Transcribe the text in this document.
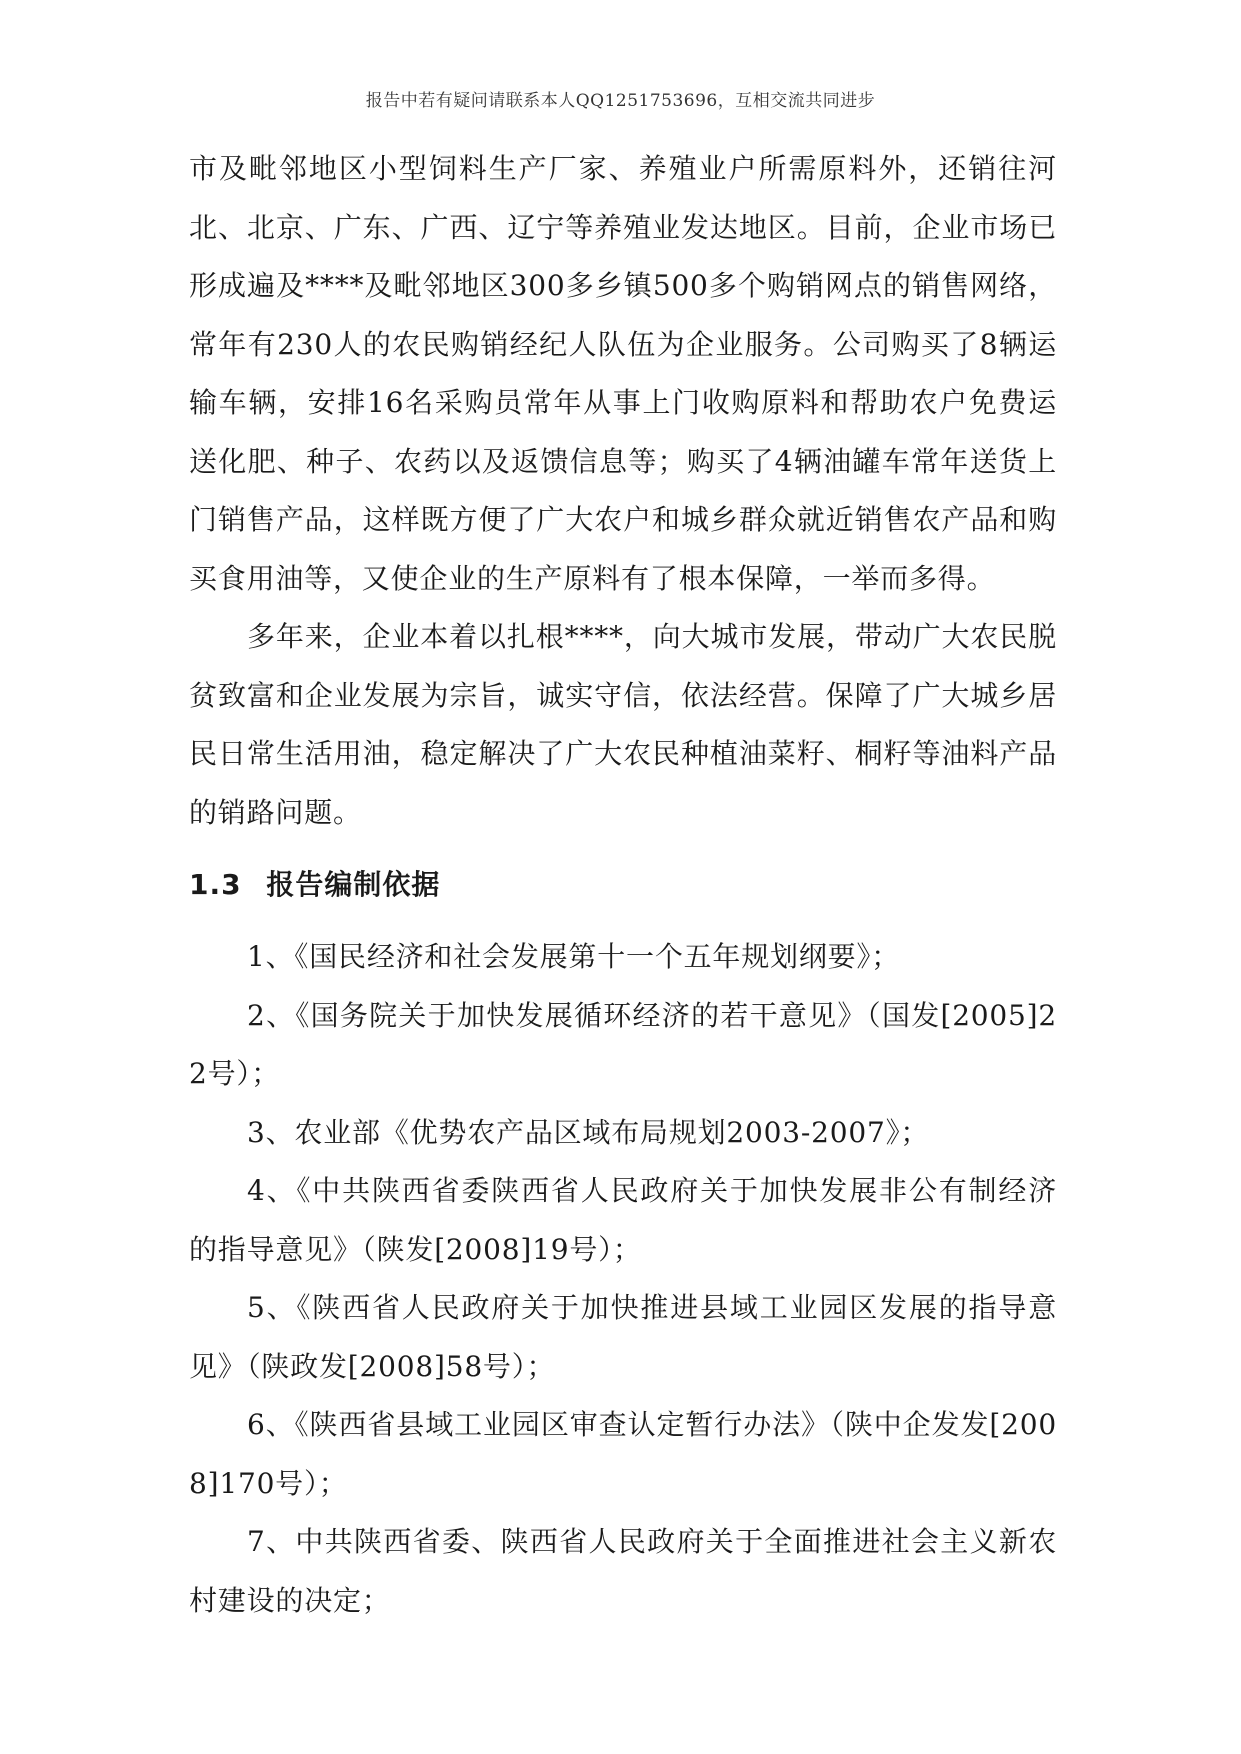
报告中若有疑问请联系本人QQ1251753696，互相交流共同进步

市及毗邻地区小型饲料生产厂家、养殖业户所需原料外，还销往河北、北京、广东、广西、辽宁等养殖业发达地区。目前，企业市场已形成遍及****及毗邻地区300多乡镇500多个购销网点的销售网络，常年有230人的农民购销经纪人队伍为企业服务。公司购买了8辆运输车辆，安排16名采购员常年从事上门收购原料和帮助农户免费运送化肥、种子、农药以及返馈信息等；购买了4辆油罐车常年送货上门销售产品，这样既方便了广大农户和城乡群众就近销售农产品和购买食用油等，又使企业的生产原料有了根本保障，一举而多得。

多年来，企业本着以扎根****，向大城市发展，带动广大农民脱贫致富和企业发展为宗旨，诚实守信，依法经营。保障了广大城乡居民日常生活用油，稳定解决了广大农民种植油菜籽、桐籽等油料产品的销路问题。

1.3 报告编制依据

1、《国民经济和社会发展第十一个五年规划纲要》；

2、《国务院关于加快发展循环经济的若干意见》（国发[2005]22号）；

3、农业部《优势农产品区域布局规划2003-2007》；

4、《中共陕西省委陕西省人民政府关于加快发展非公有制经济的指导意见》（陕发[2008]19号）；

5、《陕西省人民政府关于加快推进县域工业园区发展的指导意见》（陕政发[2008]58号）；

6、《陕西省县域工业园区审查认定暂行办法》（陕中企发发[2008]170号）；

7、中共陕西省委、陕西省人民政府关于全面推进社会主义新农村建设的决定；
